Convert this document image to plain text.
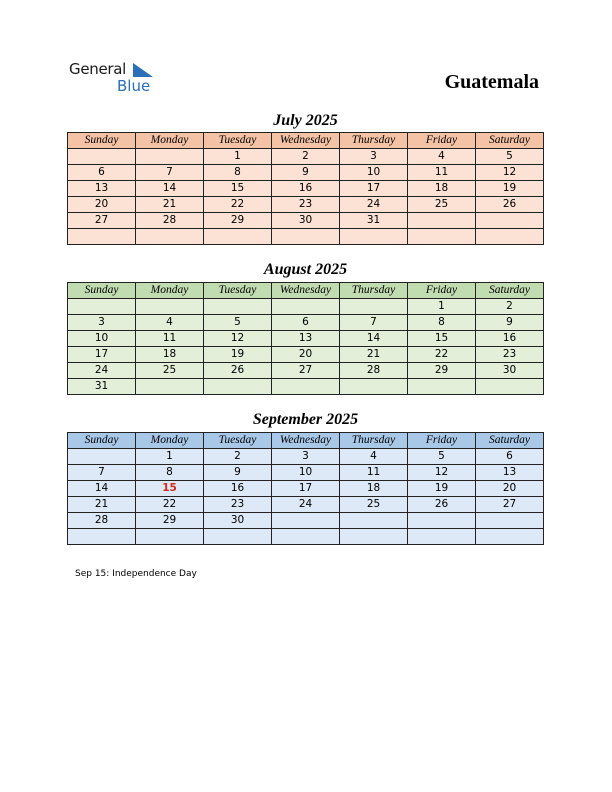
General
Blue	Guatemala
July 2025
Sunday	Monday	Tuesday	Wednesday	Thursday	Friday	Saturday
		1	2	3	4	5
6	7	8	9	10	11	12
13	14	15	16	17	18	19
20	21	22	23	24	25	26
27	28	29	30	31		

August 2025
Sunday	Monday	Tuesday	Wednesday	Thursday	Friday	Saturday
					1	2
3	4	5	6	7	8	9
10	11	12	13	14	15	16
17	18	19	20	21	22	23
24	25	26	27	28	29	30
31						
September 2025
Sunday	Monday	Tuesday	Wednesday	Thursday	Friday	Saturday
	1	2	3	4	5	6
7	8	9	10	11	12	13
14	15	16	17	18	19	20
21	22	23	24	25	26	27
28	29	30				

Sep 15: Independence Day
